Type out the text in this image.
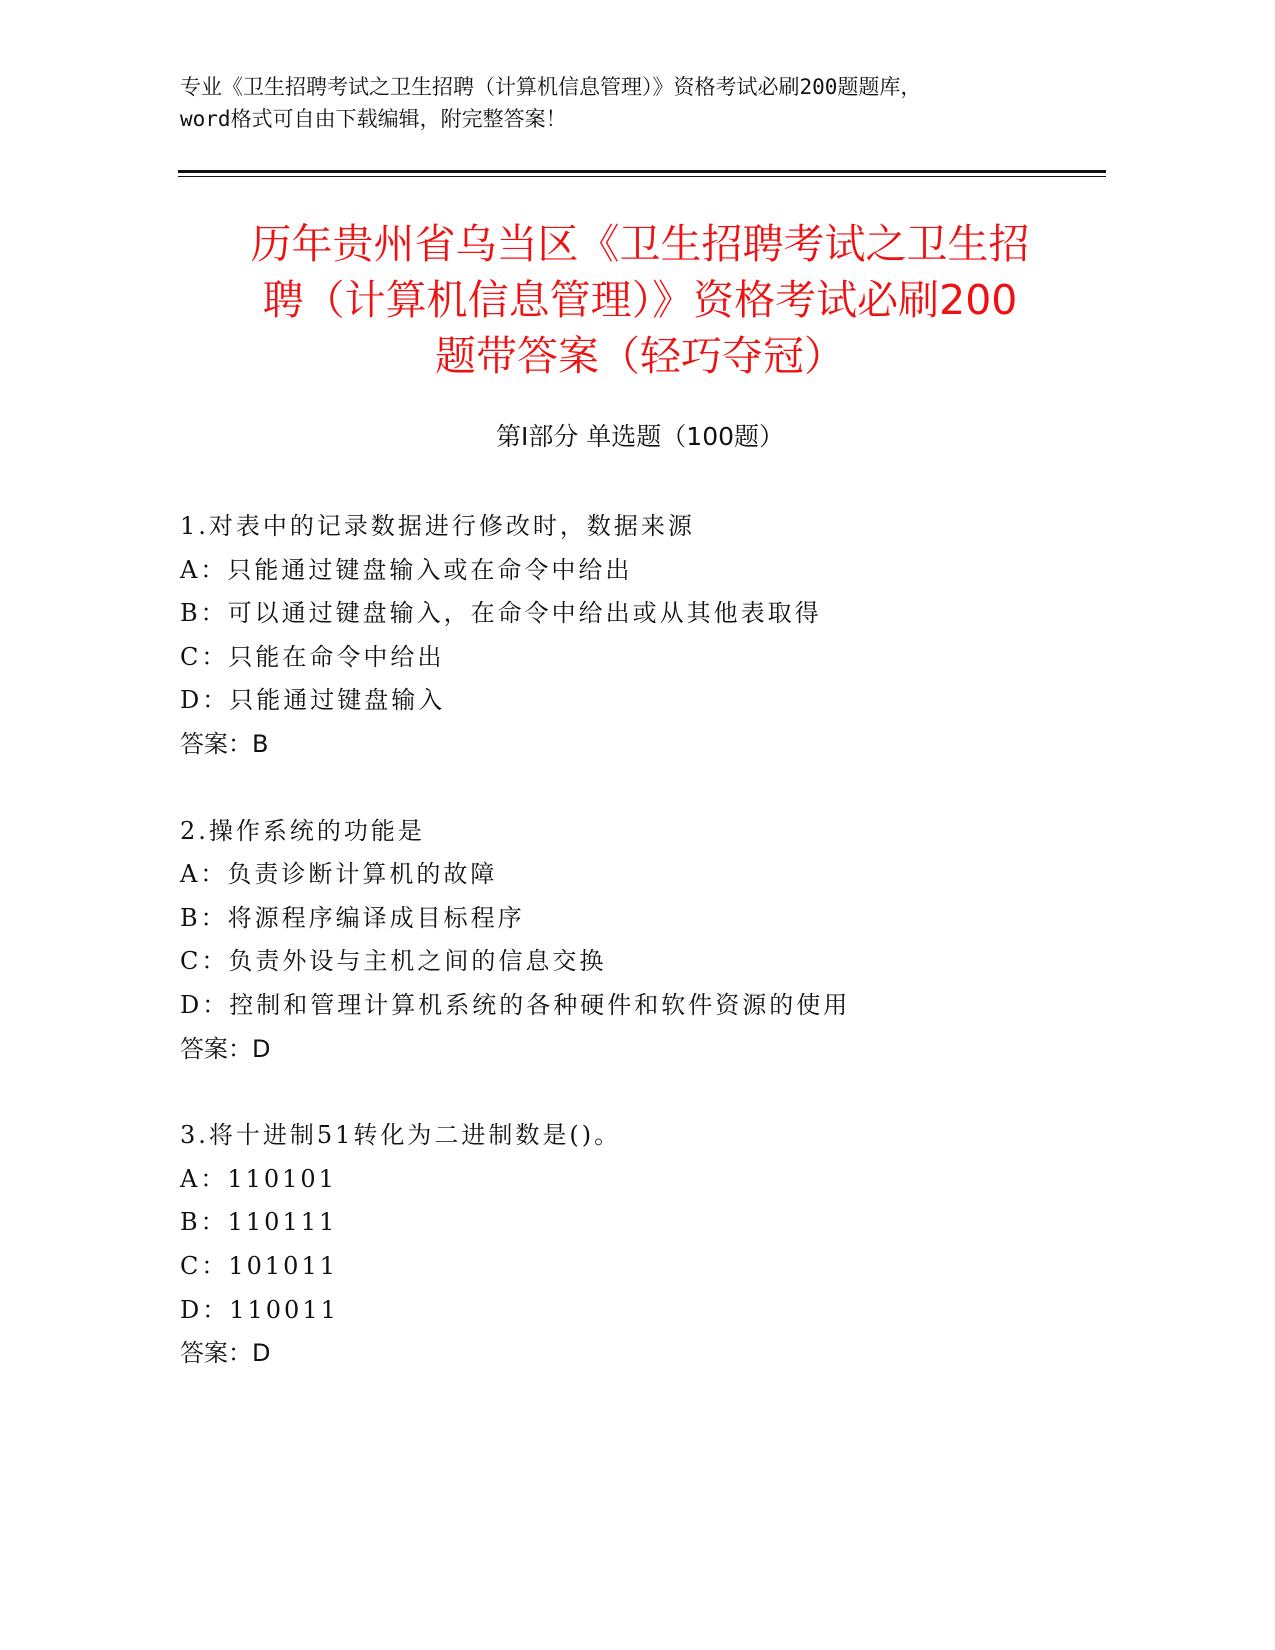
专业《卫生招聘考试之卫生招聘（计算机信息管理）》资格考试必刷200题题库，
word格式可自由下载编辑，附完整答案！
历年贵州省乌当区《卫生招聘考试之卫生招
聘（计算机信息管理）》资格考试必刷200
题带答案（轻巧夺冠）
第Ⅰ部分 单选题（100题）
1.对表中的记录数据进行修改时，数据来源
A：只能通过键盘输入或在命令中给出
B：可以通过键盘输入，在命令中给出或从其他表取得
C：只能在命令中给出
D：只能通过键盘输入
答案：B
2.操作系统的功能是
A：负责诊断计算机的故障
B：将源程序编译成目标程序
C：负责外设与主机之间的信息交换
D：控制和管理计算机系统的各种硬件和软件资源的使用
答案：D
3.将十进制51转化为二进制数是()。
A：110101
B：110111
C：101011
D：110011
答案：D
